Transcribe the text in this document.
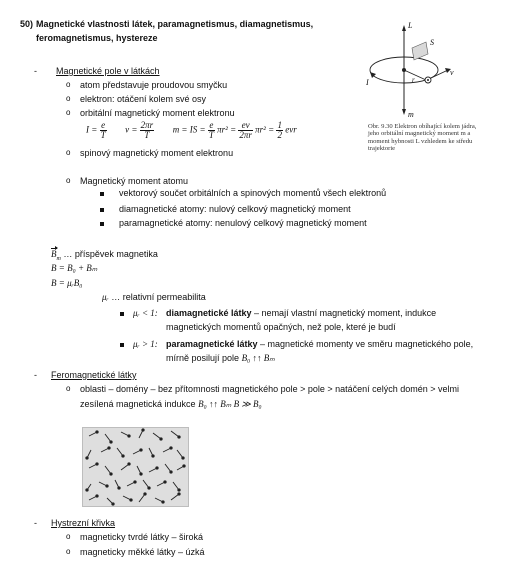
50) Magnetické vlastnosti látek, paramagnetismus, diamagnetismus,
feromagnetismus, hystereze
- Magnetické pole v látkách
o atom představuje proudovou smyčku
o elektron: otáčení kolem své osy
o orbitální magnetický moment elektronu
$I = \frac{e}{T}$ $v = \frac{2\pi r}{T}$ m = IS = $\frac{e}{T} \pi r^2 = \frac{ev}{2\pi r} \pi r^2 = \frac{1}{2}$ evr
o spinový magnetický moment elektronu
o Magnetický moment atomu
vektorový součet orbitálních a spinových momentů všech elektronů
diamagnetické atomy: nulový celkový magnetický moment
paramagnetické atomy: nenulový celkový magnetický moment
$B_m$ … příspěvek magnetika
B = B₀ + Bₘ
B = μᵣB₀
μᵣ … relativní permeabilita
μᵣ < 1: diamagnetické látky – nemají vlastní magnetický moment, indukce
magnetických momentů opačných, než pole, které je budí
μᵣ > 1: paramagnetické látky – magnetické momenty ve směru magnetického pole,
mírně posilují pole B₀ ↑↑ Bₘ
- Feromagnetické látky
o oblasti – domény – bez přítomnosti magnetického pole > pole > natáčení celých domén > velmi
zesílená magnetická indukce B₀ ↑↑ Bₘ B ≫ B₀
- Hystrezní křivka
o magneticky tvrdé látky – široká
o magneticky měkké látky – úzká
L
S
m
I	r
v
Obr. 9.30 Elektron obíhající kolem jádra, jeho orbitální magnetický moment m a moment hybnosti L vzhledem ke středu trajektorie
